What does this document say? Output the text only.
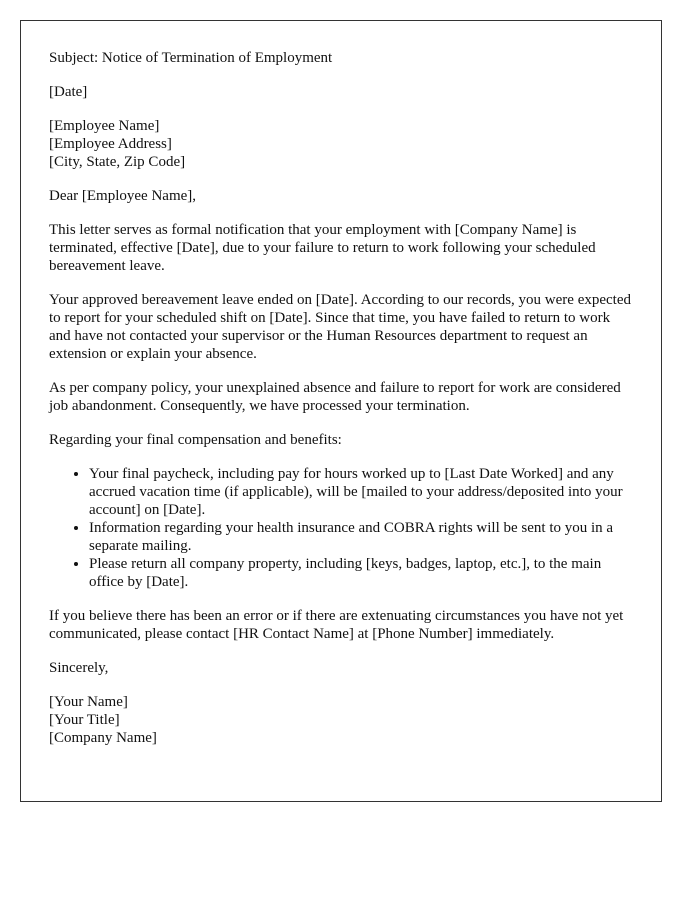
Subject: Notice of Termination of Employment

[Date]

[Employee Name]
[Employee Address]
[City, State, Zip Code]

Dear [Employee Name],

This letter serves as formal notification that your employment with [Company Name] is terminated, effective [Date], due to your failure to return to work following your scheduled bereavement leave.

Your approved bereavement leave ended on [Date]. According to our records, you were expected to report for your scheduled shift on [Date]. Since that time, you have failed to return to work and have not contacted your supervisor or the Human Resources department to request an extension or explain your absence.

As per company policy, your unexplained absence and failure to report for work are considered job abandonment. Consequently, we have processed your termination.

Regarding your final compensation and benefits:

• Your final paycheck, including pay for hours worked up to [Last Date Worked] and any accrued vacation time (if applicable), will be [mailed to your address/deposited into your account] on [Date].
• Information regarding your health insurance and COBRA rights will be sent to you in a separate mailing.
• Please return all company property, including [keys, badges, laptop, etc.], to the main office by [Date].

If you believe there has been an error or if there are extenuating circumstances you have not yet communicated, please contact [HR Contact Name] at [Phone Number] immediately.

Sincerely,

[Your Name]
[Your Title]
[Company Name]
